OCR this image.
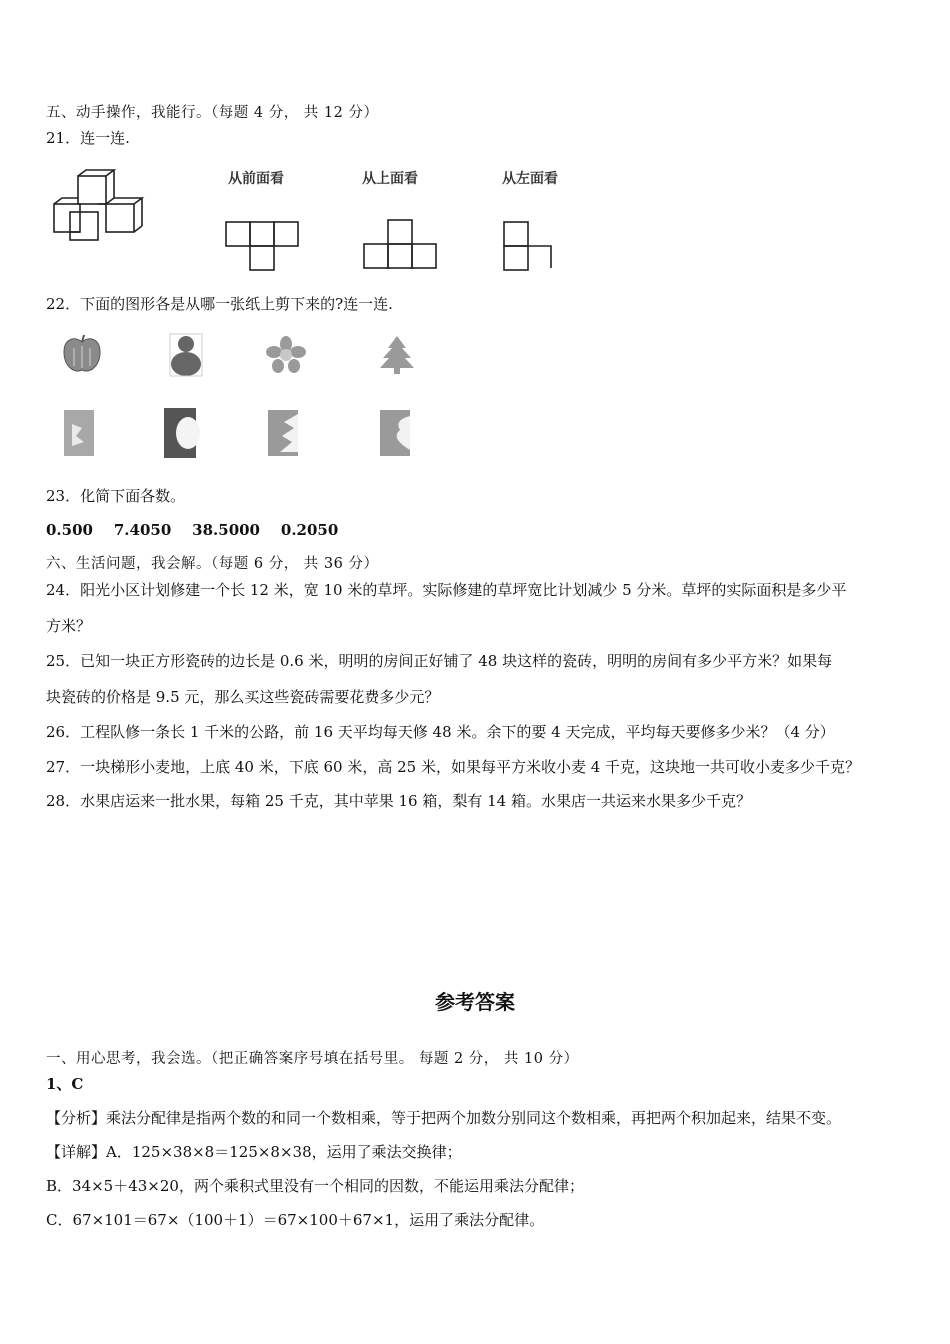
五、动手操作，我能行。（每题 4 分， 共 12 分）
21．连一连.
从前面看	从上面看	从左面看
22．下面的图形各是从哪一张纸上剪下来的?连一连.
23．化简下面各数。
0.500    7.4050    38.5000    0.2050
六、生活问题，我会解。（每题 6 分， 共 36 分）
24．阳光小区计划修建一个长 12 米，宽 10 米的草坪。实际修建的草坪宽比计划减少 5 分米。草坪的实际面积是多少平
方米？
25．已知一块正方形瓷砖的边长是 0.6 米，明明的房间正好铺了 48 块这样的瓷砖，明明的房间有多少平方米？如果每
块瓷砖的价格是 9.5 元，那么买这些瓷砖需要花费多少元？
26．工程队修一条长 1 千米的公路，前 16 天平均每天修 48 米。余下的要 4 天完成，平均每天要修多少米？（4 分）
27．一块梯形小麦地，上底 40 米，下底 60 米，高 25 米，如果每平方米收小麦 4 千克，这块地一共可收小麦多少千克？
28．水果店运来一批水果，每箱 25 千克，其中苹果 16 箱，梨有 14 箱。水果店一共运来水果多少千克？
参考答案
一、用心思考，我会选。（把正确答案序号填在括号里。 每题 2 分， 共 10 分）
1、C
【分析】乘法分配律是指两个数的和同一个数相乘，等于把两个加数分别同这个数相乘，再把两个积加起来，结果不变。
【详解】A．125×38×8＝125×8×38，运用了乘法交换律；
B．34×5＋43×20，两个乘积式里没有一个相同的因数，不能运用乘法分配律；
C．67×101＝67×（100＋1）＝67×100＋67×1，运用了乘法分配律。
